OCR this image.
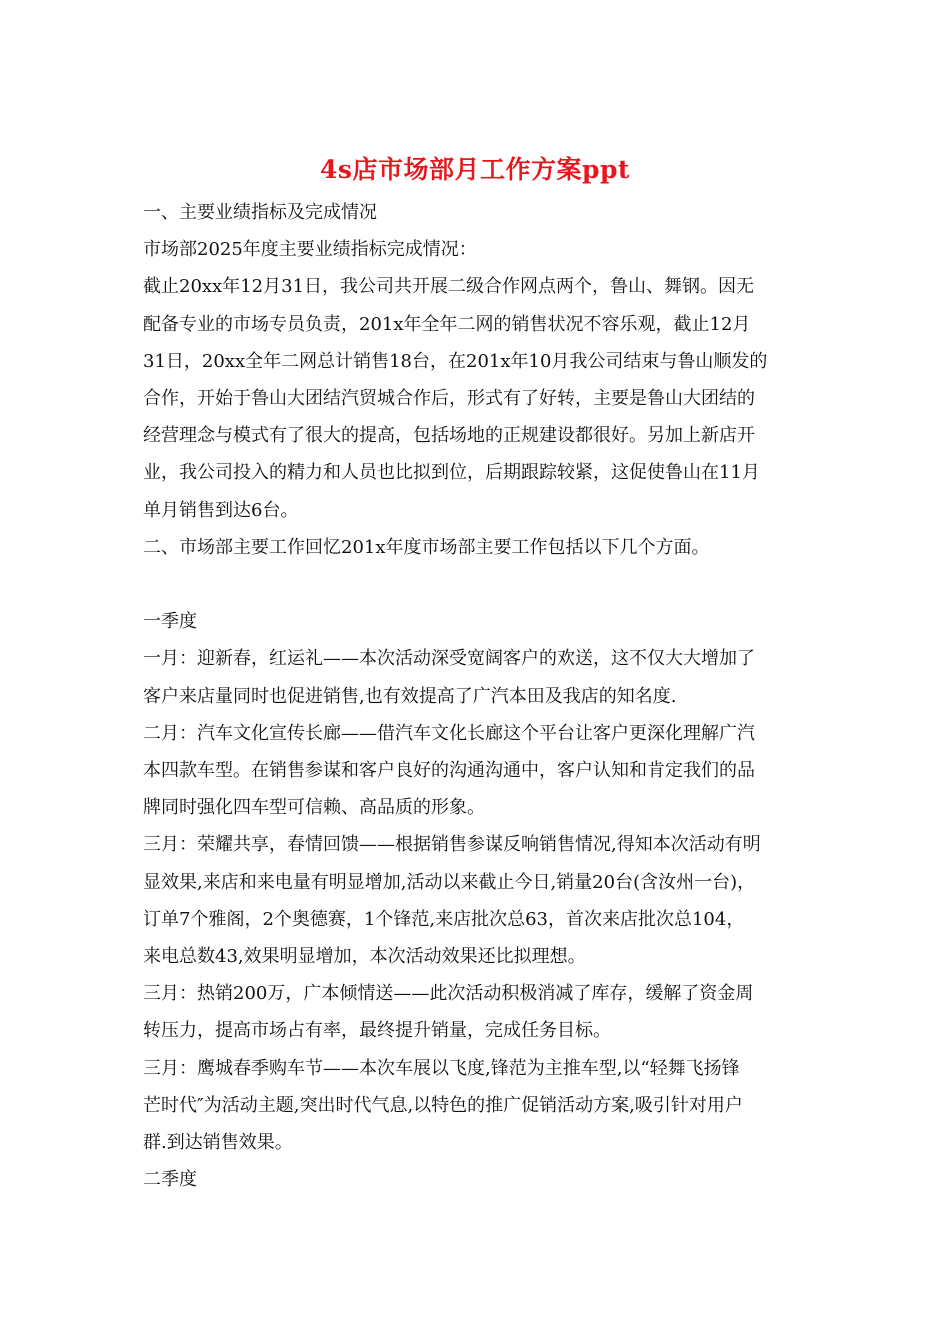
4s店市场部月工作方案ppt

一、主要业绩指标及完成情况

市场部2025年度主要业绩指标完成情况：

截止20xx年12月31日，我公司共开展二级合作网点两个，鲁山、舞钢。因无

配备专业的市场专员负责，201x年全年二网的销售状况不容乐观，截止12月

31日，20xx全年二网总计销售18台，在201x年10月我公司结束与鲁山顺发的

合作，开始于鲁山大团结汽贸城合作后，形式有了好转，主要是鲁山大团结的

经营理念与模式有了很大的提高，包括场地的正规建设都很好。另加上新店开

业，我公司投入的精力和人员也比拟到位，后期跟踪较紧，这促使鲁山在11月

单月销售到达6台。

二、市场部主要工作回忆201x年度市场部主要工作包括以下几个方面。

一季度

一月：迎新春，红运礼——本次活动深受宽阔客户的欢送，这不仅大大增加了

客户来店量同时也促进销售,也有效提高了广汽本田及我店的知名度.

二月：汽车文化宣传长廊——借汽车文化长廊这个平台让客户更深化理解广汽

本四款车型。在销售参谋和客户良好的沟通沟通中，客户认知和肯定我们的品

牌同时强化四车型可信赖、高品质的形象。

三月：荣耀共享，春情回馈——根据销售参谋反响销售情况,得知本次活动有明

显效果,来店和来电量有明显增加,活动以来截止今日,销量20台(含汝州一台)，

订单7个雅阁，2个奥德赛，1个锋范,来店批次总63，首次来店批次总104，

来电总数43,效果明显增加，本次活动效果还比拟理想。

三月：热销200万，广本倾情送——此次活动积极消减了库存，缓解了资金周

转压力，提高市场占有率，最终提升销量，完成任务目标。

三月：鹰城春季购车节——本次车展以飞度,锋范为主推车型,以“轻舞飞扬锋

芒时代″为活动主题,突出时代气息,以特色的推广促销活动方案,吸引针对用户

群.到达销售效果。

二季度
